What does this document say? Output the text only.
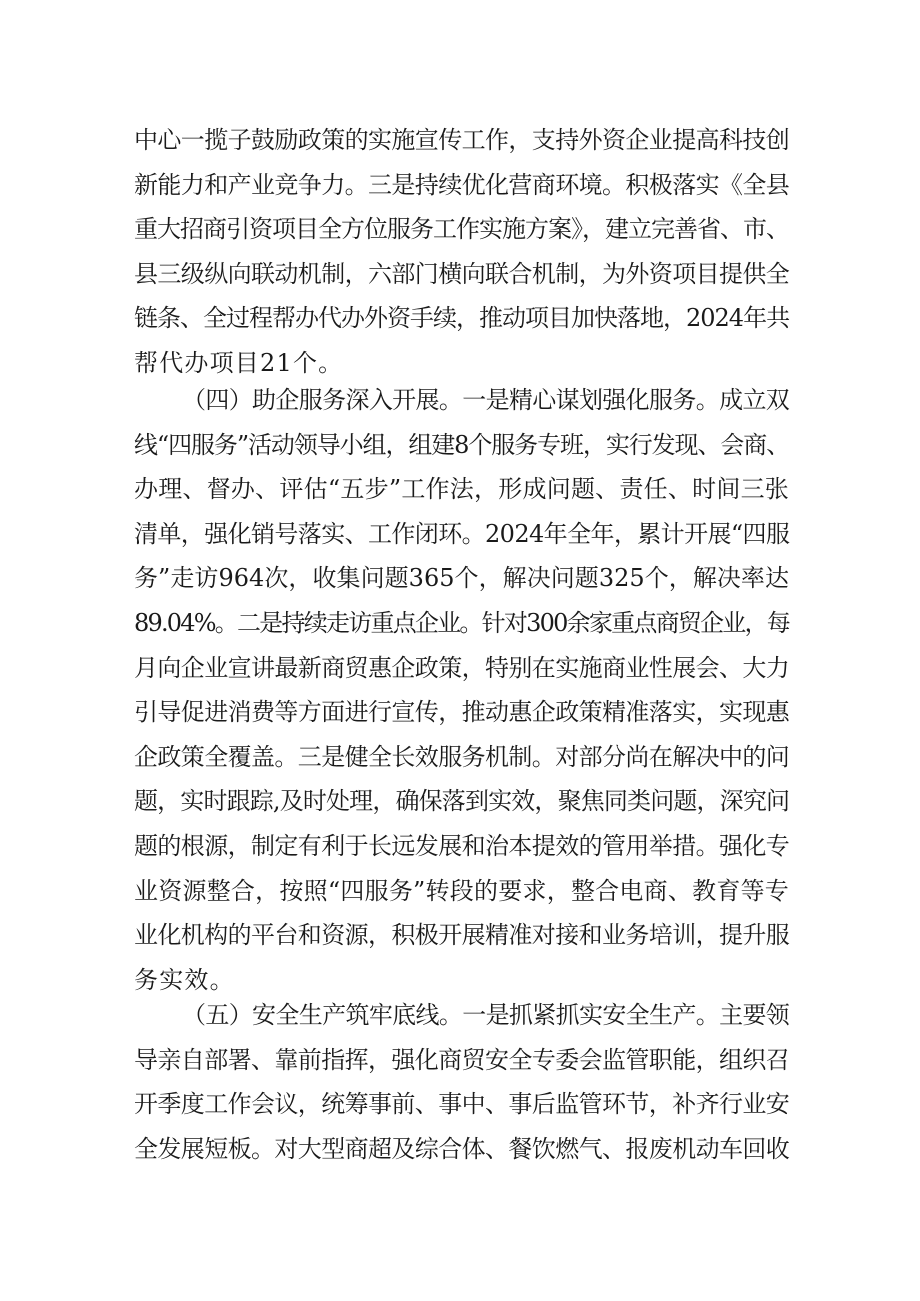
中心一揽子鼓励政策的实施宣传工作，支持外资企业提高科技创
新能力和产业竞争力。三是持续优化营商环境。积极落实《全县
重大招商引资项目全方位服务工作实施方案》，建立完善省、市、
县三级纵向联动机制，六部门横向联合机制，为外资项目提供全
链条、全过程帮办代办外资手续，推动项目加快落地，2024年共
帮代办项目21个。
（四）助企服务深入开展。一是精心谋划强化服务。成立双
线“四服务”活动领导小组，组建8个服务专班，实行发现、会商、
办理、督办、评估“五步”工作法，形成问题、责任、时间三张
清单，强化销号落实、工作闭环。2024年全年，累计开展“四服
务”走访964次，收集问题365个，解决问题325个，解决率达
89.04%。二是持续走访重点企业。针对300余家重点商贸企业，每
月向企业宣讲最新商贸惠企政策，特别在实施商业性展会、大力
引导促进消费等方面进行宣传，推动惠企政策精准落实，实现惠
企政策全覆盖。三是健全长效服务机制。对部分尚在解决中的问
题，实时跟踪,及时处理，确保落到实效，聚焦同类问题，深究问
题的根源，制定有利于长远发展和治本提效的管用举措。强化专
业资源整合，按照“四服务”转段的要求，整合电商、教育等专
业化机构的平台和资源，积极开展精准对接和业务培训，提升服
务实效。
（五）安全生产筑牢底线。一是抓紧抓实安全生产。主要领
导亲自部署、靠前指挥，强化商贸安全专委会监管职能，组织召
开季度工作会议，统筹事前、事中、事后监管环节，补齐行业安
全发展短板。对大型商超及综合体、餐饮燃气、报废机动车回收
